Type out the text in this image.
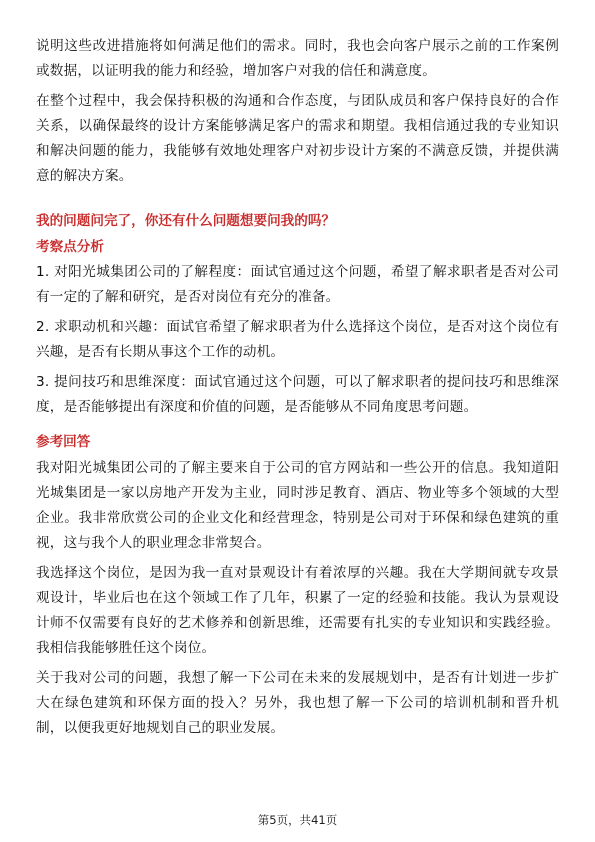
说明这些改进措施将如何满足他们的需求。同时，我也会向客户展示之前的工作案例或数据，以证明我的能力和经验，增加客户对我的信任和满意度。

在整个过程中，我会保持积极的沟通和合作态度，与团队成员和客户保持良好的合作关系，以确保最终的设计方案能够满足客户的需求和期望。我相信通过我的专业知识和解决问题的能力，我能够有效地处理客户对初步设计方案的不满意反馈，并提供满意的解决方案。

我的问题问完了，你还有什么问题想要问我的吗？
考察点分析

1. 对阳光城集团公司的了解程度：面试官通过这个问题，希望了解求职者是否对公司有一定的了解和研究，是否对岗位有充分的准备。

2. 求职动机和兴趣：面试官希望了解求职者为什么选择这个岗位，是否对这个岗位有兴趣，是否有长期从事这个工作的动机。

3. 提问技巧和思维深度：面试官通过这个问题，可以了解求职者的提问技巧和思维深度，是否能够提出有深度和价值的问题，是否能够从不同角度思考问题。

参考回答

我对阳光城集团公司的了解主要来自于公司的官方网站和一些公开的信息。我知道阳光城集团是一家以房地产开发为主业，同时涉足教育、酒店、物业等多个领域的大型企业。我非常欣赏公司的企业文化和经营理念，特别是公司对于环保和绿色建筑的重视，这与我个人的职业理念非常契合。

我选择这个岗位，是因为我一直对景观设计有着浓厚的兴趣。我在大学期间就专攻景观设计，毕业后也在这个领域工作了几年，积累了一定的经验和技能。我认为景观设计师不仅需要有良好的艺术修养和创新思维，还需要有扎实的专业知识和实践经验。我相信我能够胜任这个岗位。

关于我对公司的问题，我想了解一下公司在未来的发展规划中，是否有计划进一步扩大在绿色建筑和环保方面的投入？另外，我也想了解一下公司的培训机制和晋升机制，以便我更好地规划自己的职业发展。

第5页，共41页
